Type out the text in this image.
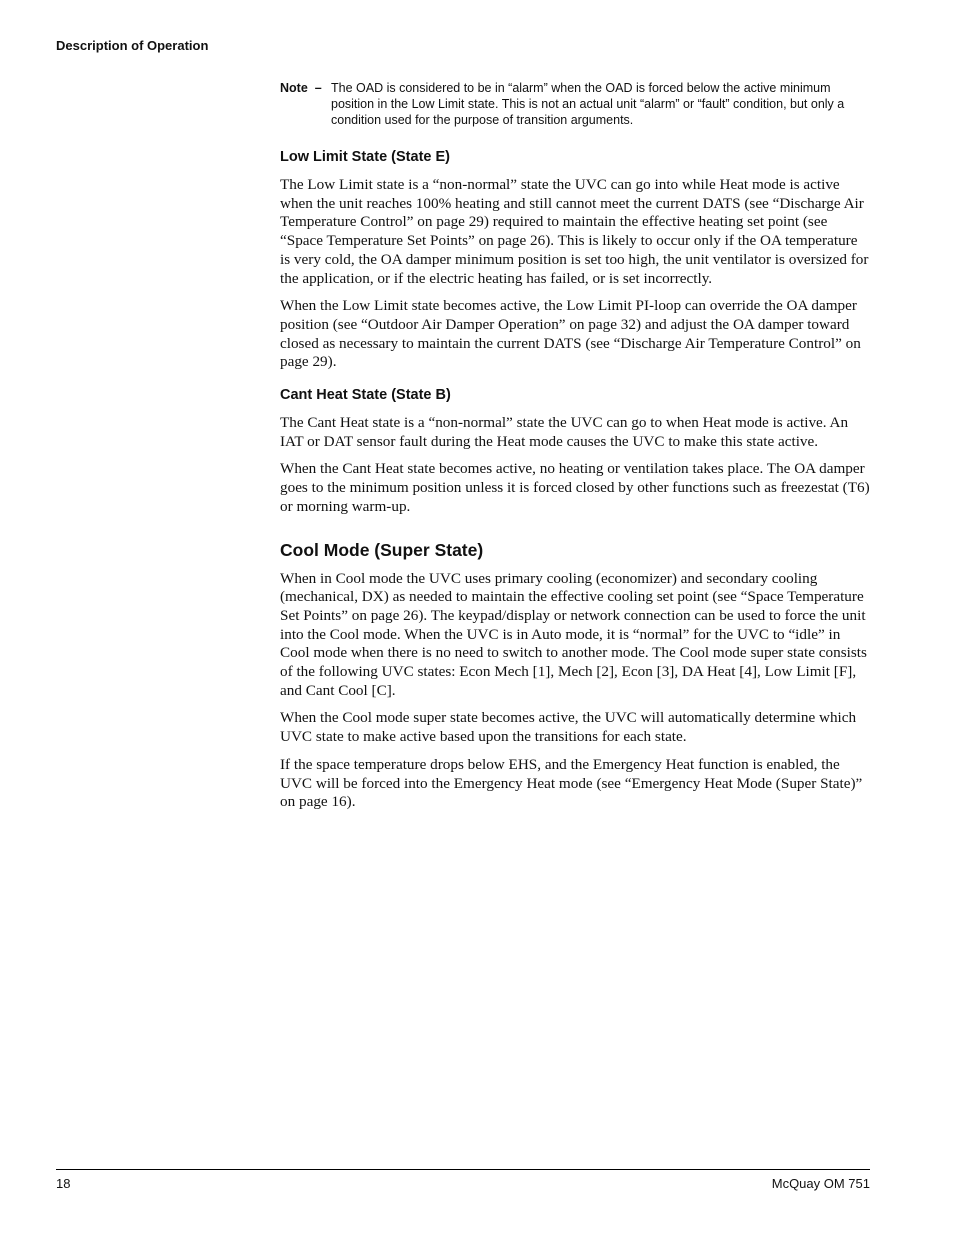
Description of Operation
Note – The OAD is considered to be in “alarm” when the OAD is forced below the active minimum position in the Low Limit state. This is not an actual unit “alarm” or “fault” condition, but only a condition used for the purpose of transition arguments.
Low Limit State (State E)

The Low Limit state is a “non-normal” state the UVC can go into while Heat mode is active when the unit reaches 100% heating and still cannot meet the current DATS (see “Discharge Air Temperature Control” on page 29) required to maintain the effective heating set point (see “Space Temperature Set Points” on page 26). This is likely to occur only if the OA temperature is very cold, the OA damper minimum position is set too high, the unit ventilator is oversized for the application, or if the electric heating has failed, or is set incorrectly.

When the Low Limit state becomes active, the Low Limit PI-loop can override the OA damper position (see “Outdoor Air Damper Operation” on page 32) and adjust the OA damper toward closed as necessary to maintain the current DATS (see “Discharge Air Temperature Control” on page 29).

Cant Heat State (State B)

The Cant Heat state is a “non-normal” state the UVC can go to when Heat mode is active. An IAT or DAT sensor fault during the Heat mode causes the UVC to make this state active.

When the Cant Heat state becomes active, no heating or ventilation takes place. The OA damper goes to the minimum position unless it is forced closed by other functions such as freezestat (T6) or morning warm-up.

Cool Mode (Super State)

When in Cool mode the UVC uses primary cooling (economizer) and secondary cooling (mechanical, DX) as needed to maintain the effective cooling set point (see “Space Temperature Set Points” on page 26). The keypad/display or network connection can be used to force the unit into the Cool mode. When the UVC is in Auto mode, it is “normal” for the UVC to “idle” in Cool mode when there is no need to switch to another mode. The Cool mode super state consists of the following UVC states: Econ Mech [1], Mech [2], Econ [3], DA Heat [4], Low Limit [F], and Cant Cool [C].

When the Cool mode super state becomes active, the UVC will automatically determine which UVC state to make active based upon the transitions for each state.

If the space temperature drops below EHS, and the Emergency Heat function is enabled, the UVC will be forced into the Emergency Heat mode (see “Emergency Heat Mode (Super State)” on page 16).

18	McQuay OM 751
